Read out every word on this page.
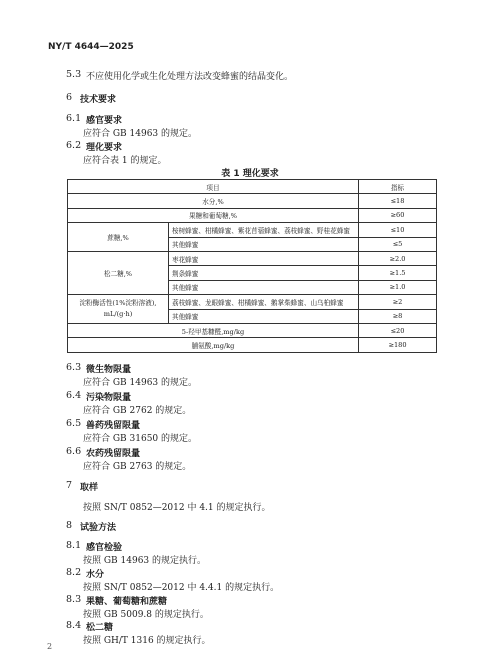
NY/T 4644—2025
5.3 不应使用化学或生化处理方法改变蜂蜜的结晶变化。
6 技术要求
6.1 感官要求
应符合 GB 14963 的规定。
6.2 理化要求
应符合表 1 的规定。
表 1 理化要求
项目		指标
水分,%		≤18
果糖和葡萄糖,%		≥60
蔗糖,%	桉树蜂蜜、柑橘蜂蜜、紫花苜蓿蜂蜜、荔枝蜂蜜、野桂花蜂蜜	≤10
	其他蜂蜜	≤5
松二糖,%	枣花蜂蜜	≥2.0
	荆条蜂蜜	≥1.5
	其他蜂蜜	≥1.0
淀粉酶活性(1%淀粉溶液),
mL/(g·h)	荔枝蜂蜜、龙眼蜂蜜、柑橘蜂蜜、鹅掌柴蜂蜜、山乌桕蜂蜜	≥2
	其他蜂蜜	≥8
5-羟甲基糠醛,mg/kg		≤20
脯氨酸,mg/kg		≥180
6.3 微生物限量
应符合 GB 14963 的规定。
6.4 污染物限量
应符合 GB 2762 的规定。
6.5 兽药残留限量
应符合 GB 31650 的规定。
6.6 农药残留限量
应符合 GB 2763 的规定。
7 取样
按照 SN/T 0852—2012 中 4.1 的规定执行。
8 试验方法
8.1 感官检验
按照 GB 14963 的规定执行。
8.2 水分
按照 SN/T 0852—2012 中 4.4.1 的规定执行。
8.3 果糖、葡萄糖和蔗糖
按照 GB 5009.8 的规定执行。
8.4 松二糖
按照 GH/T 1316 的规定执行。
2
